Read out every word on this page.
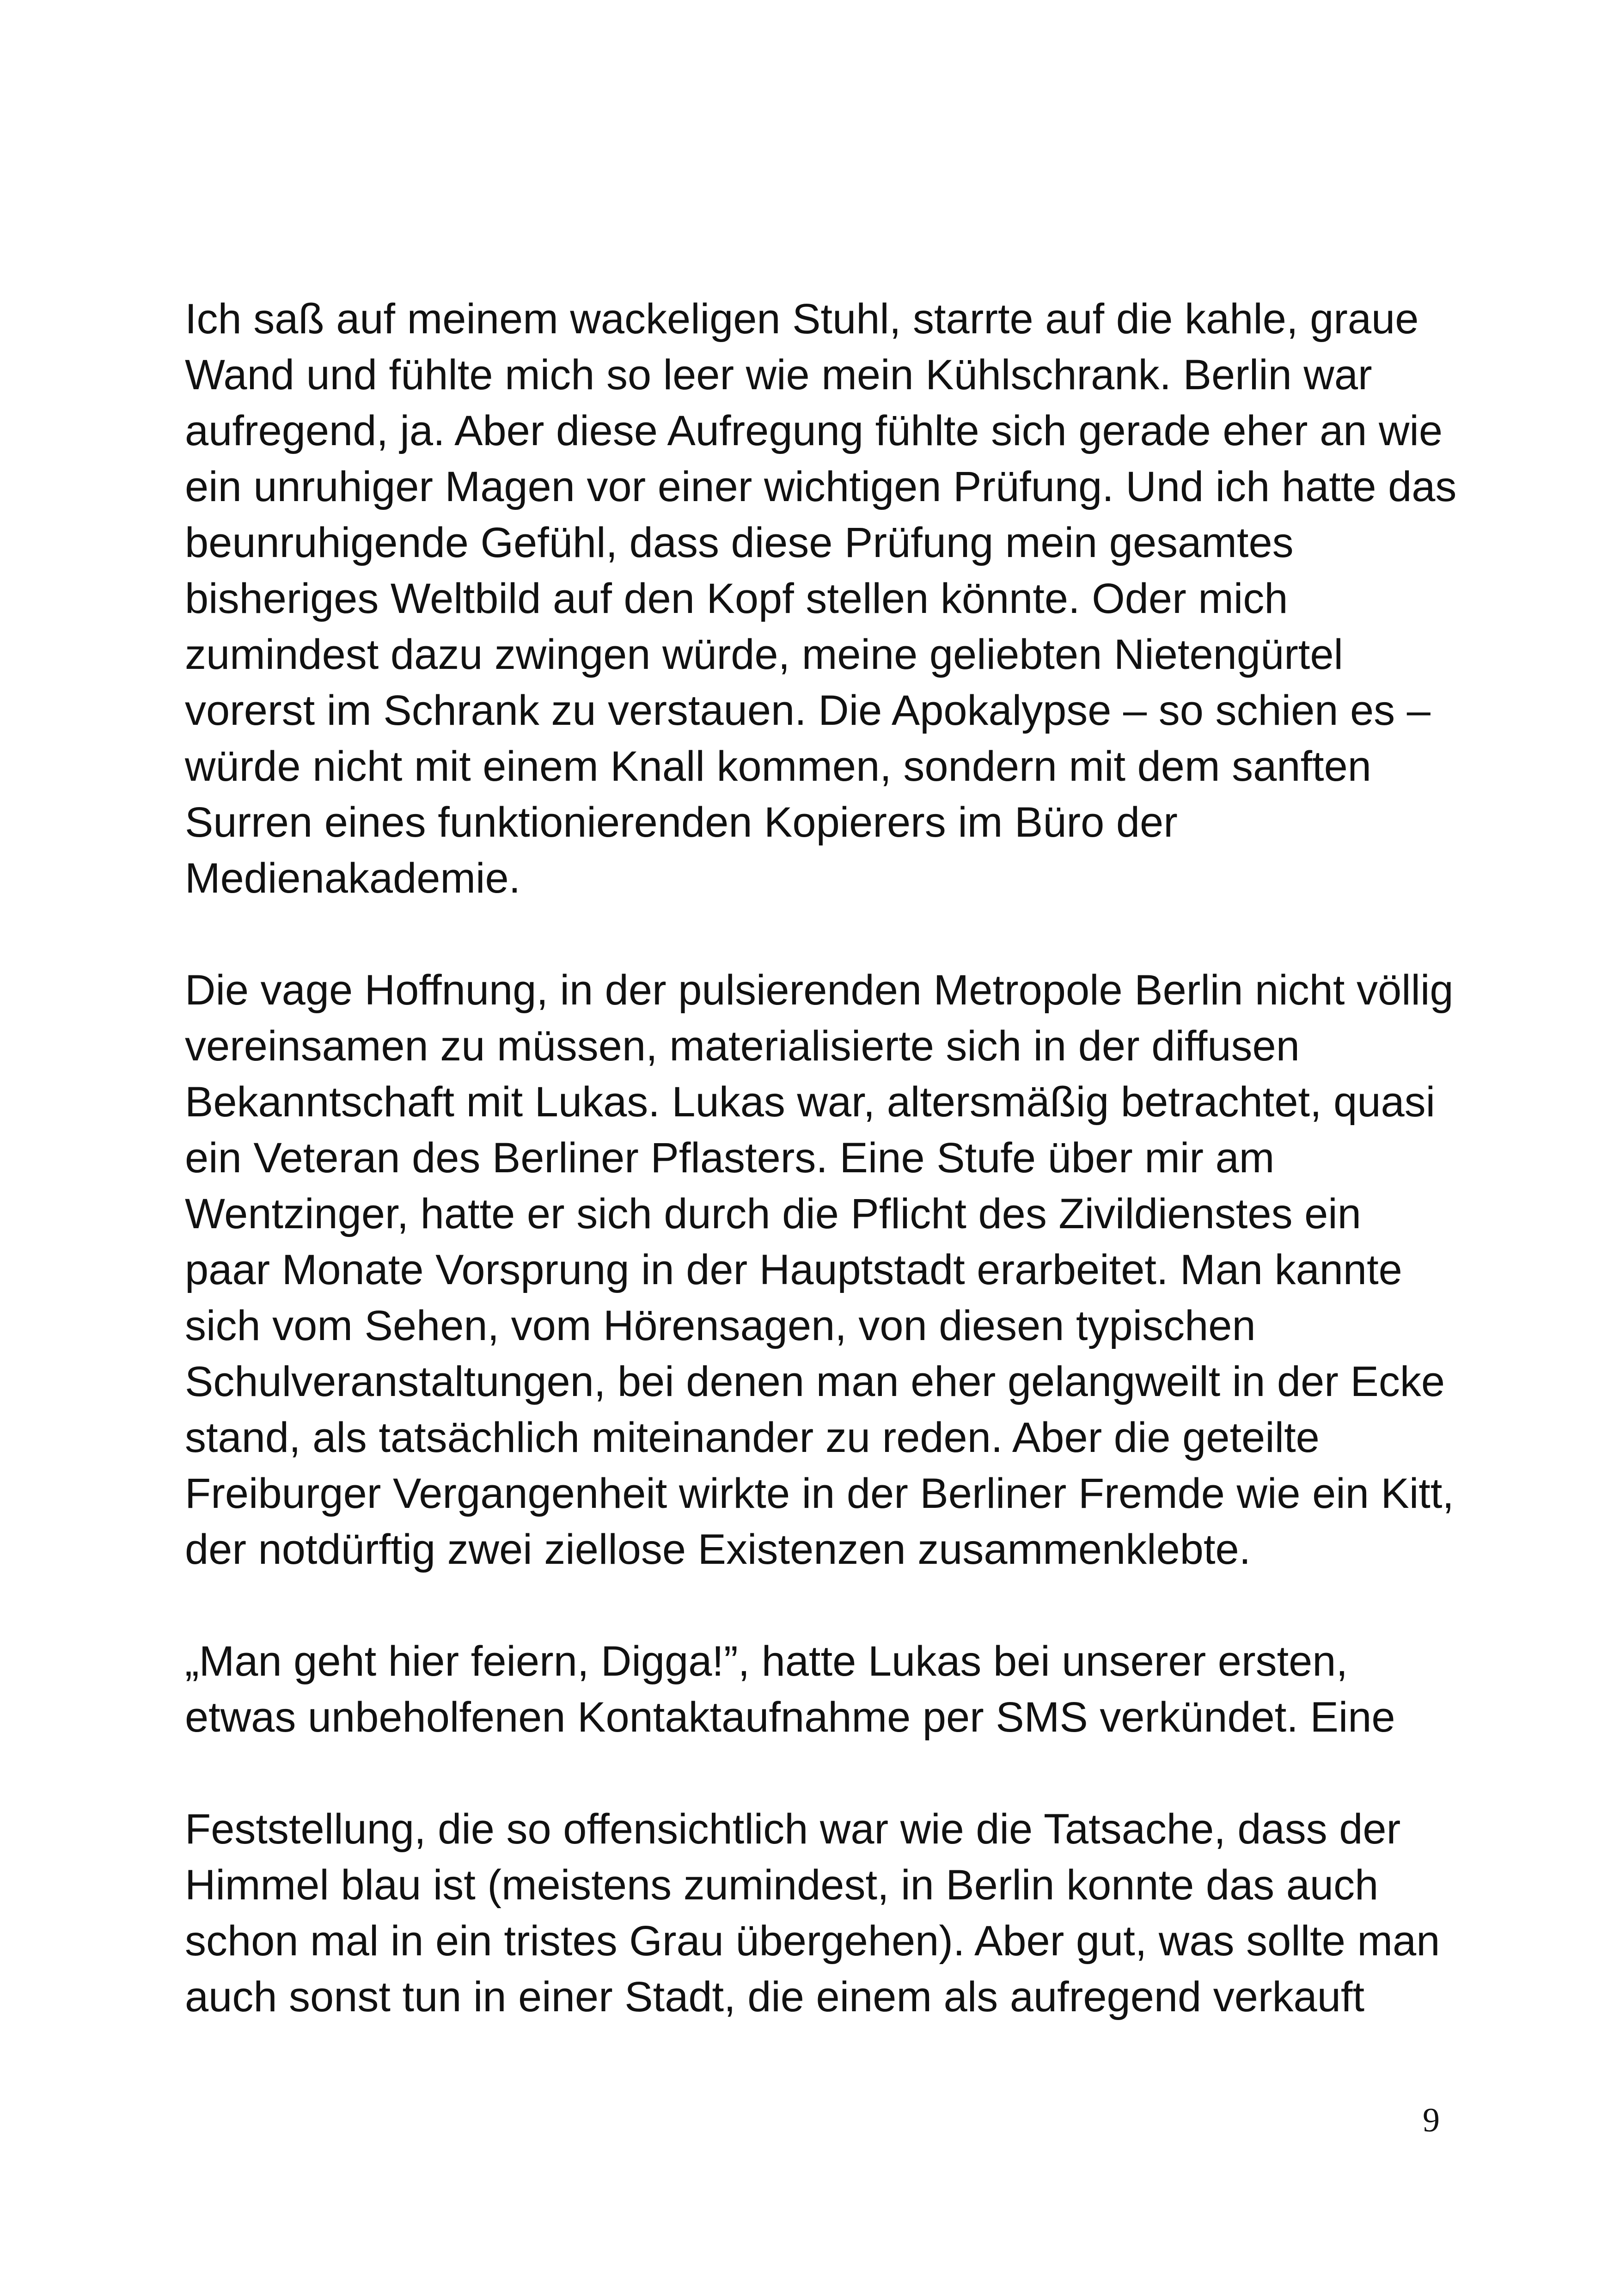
Ich saß auf meinem wackeligen Stuhl, starrte auf die kahle, graue
Wand und fühlte mich so leer wie mein Kühlschrank. Berlin war
aufregend, ja. Aber diese Aufregung fühlte sich gerade eher an wie
ein unruhiger Magen vor einer wichtigen Prüfung. Und ich hatte das
beunruhigende Gefühl, dass diese Prüfung mein gesamtes
bisheriges Weltbild auf den Kopf stellen könnte. Oder mich
zumindest dazu zwingen würde, meine geliebten Nietengürtel
vorerst im Schrank zu verstauen. Die Apokalypse – so schien es –
würde nicht mit einem Knall kommen, sondern mit dem sanften
Surren eines funktionierenden Kopierers im Büro der
Medienakademie.

Die vage Hoffnung, in der pulsierenden Metropole Berlin nicht völlig
vereinsamen zu müssen, materialisierte sich in der diffusen
Bekanntschaft mit Lukas. Lukas war, altersmäßig betrachtet, quasi
ein Veteran des Berliner Pflasters. Eine Stufe über mir am
Wentzinger, hatte er sich durch die Pflicht des Zivildienstes ein
paar Monate Vorsprung in der Hauptstadt erarbeitet. Man kannte
sich vom Sehen, vom Hörensagen, von diesen typischen
Schulveranstaltungen, bei denen man eher gelangweilt in der Ecke
stand, als tatsächlich miteinander zu reden. Aber die geteilte
Freiburger Vergangenheit wirkte in der Berliner Fremde wie ein Kitt,
der notdürftig zwei ziellose Existenzen zusammenklebte.

„Man geht hier feiern, Digga!”, hatte Lukas bei unserer ersten,
etwas unbeholfenen Kontaktaufnahme per SMS verkündet. Eine

Feststellung, die so offensichtlich war wie die Tatsache, dass der
Himmel blau ist (meistens zumindest, in Berlin konnte das auch
schon mal in ein tristes Grau übergehen). Aber gut, was sollte man
auch sonst tun in einer Stadt, die einem als aufregend verkauft

9
